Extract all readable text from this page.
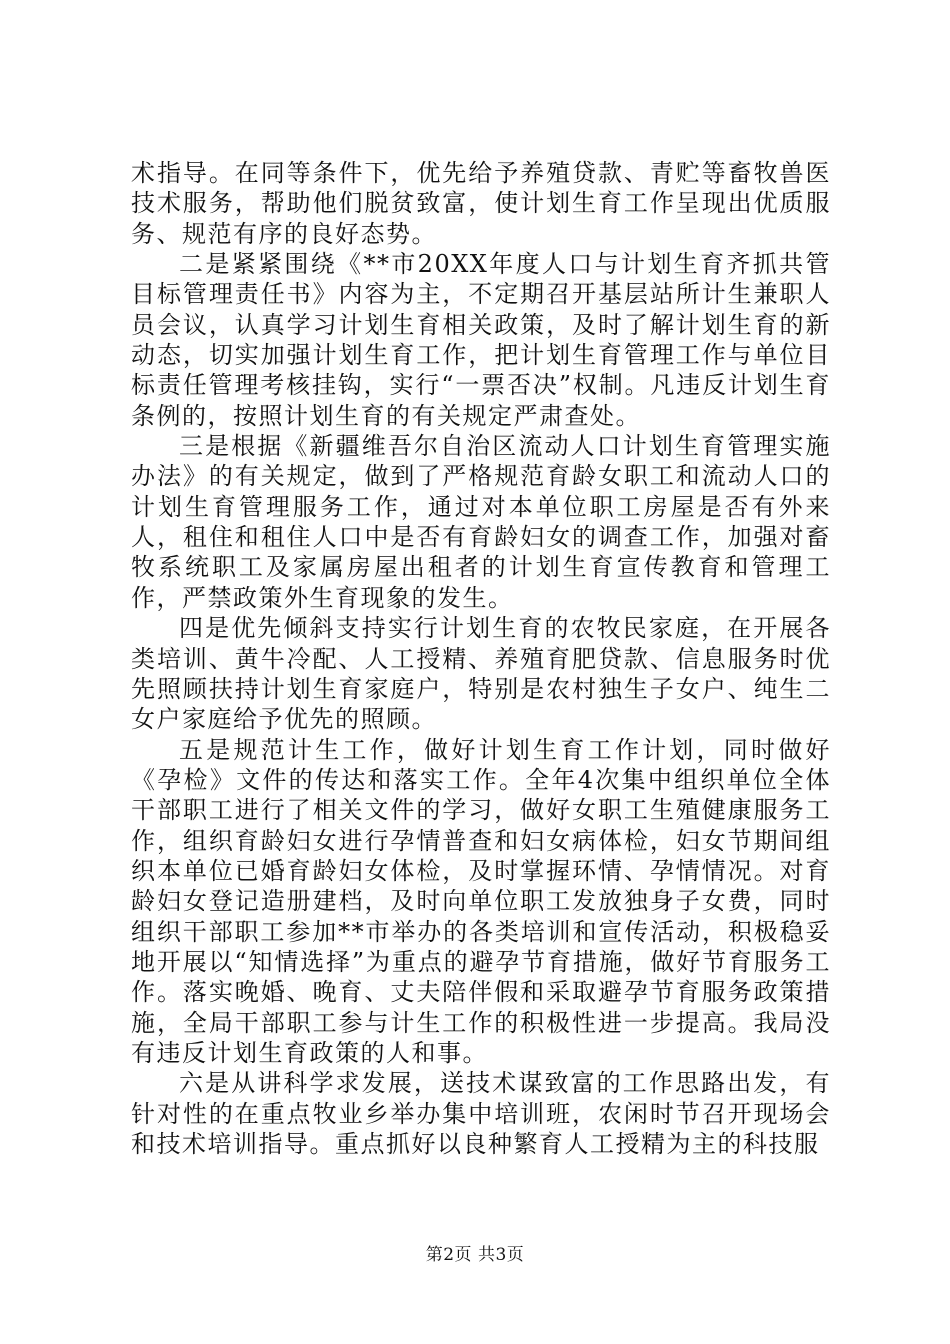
术指导。在同等条件下，优先给予养殖贷款、青贮等畜牧兽医技术服务，帮助他们脱贫致富，使计划生育工作呈现出优质服务、规范有序的良好态势。

二是紧紧围绕《**市20XX年度人口与计划生育齐抓共管目标管理责任书》内容为主，不定期召开基层站所计生兼职人员会议，认真学习计划生育相关政策，及时了解计划生育的新动态，切实加强计划生育工作，把计划生育管理工作与单位目标责任管理考核挂钩，实行“一票否决”权制。凡违反计划生育条例的，按照计划生育的有关规定严肃查处。

三是根据《新疆维吾尔自治区流动人口计划生育管理实施办法》的有关规定，做到了严格规范育龄女职工和流动人口的计划生育管理服务工作，通过对本单位职工房屋是否有外来人，租住和租住人口中是否有育龄妇女的调查工作，加强对畜牧系统职工及家属房屋出租者的计划生育宣传教育和管理工作，严禁政策外生育现象的发生。

四是优先倾斜支持实行计划生育的农牧民家庭，在开展各类培训、黄牛冷配、人工授精、养殖育肥贷款、信息服务时优先照顾扶持计划生育家庭户，特别是农村独生子女户、纯生二女户家庭给予优先的照顾。

五是规范计生工作，做好计划生育工作计划，同时做好《孕检》文件的传达和落实工作。全年4次集中组织单位全体干部职工进行了相关文件的学习，做好女职工生殖健康服务工作，组织育龄妇女进行孕情普查和妇女病体检，妇女节期间组织本单位已婚育龄妇女体检，及时掌握环情、孕情情况。对育龄妇女登记造册建档，及时向单位职工发放独身子女费，同时组织干部职工参加**市举办的各类培训和宣传活动，积极稳妥地开展以“知情选择”为重点的避孕节育措施，做好节育服务工作。落实晚婚、晚育、丈夫陪伴假和采取避孕节育服务政策措施，全局干部职工参与计生工作的积极性进一步提高。我局没有违反计划生育政策的人和事。

六是从讲科学求发展，送技术谋致富的工作思路出发，有针对性的在重点牧业乡举办集中培训班，农闲时节召开现场会和技术培训指导。重点抓好以良种繁育人工授精为主的科技服

第2页 共3页
